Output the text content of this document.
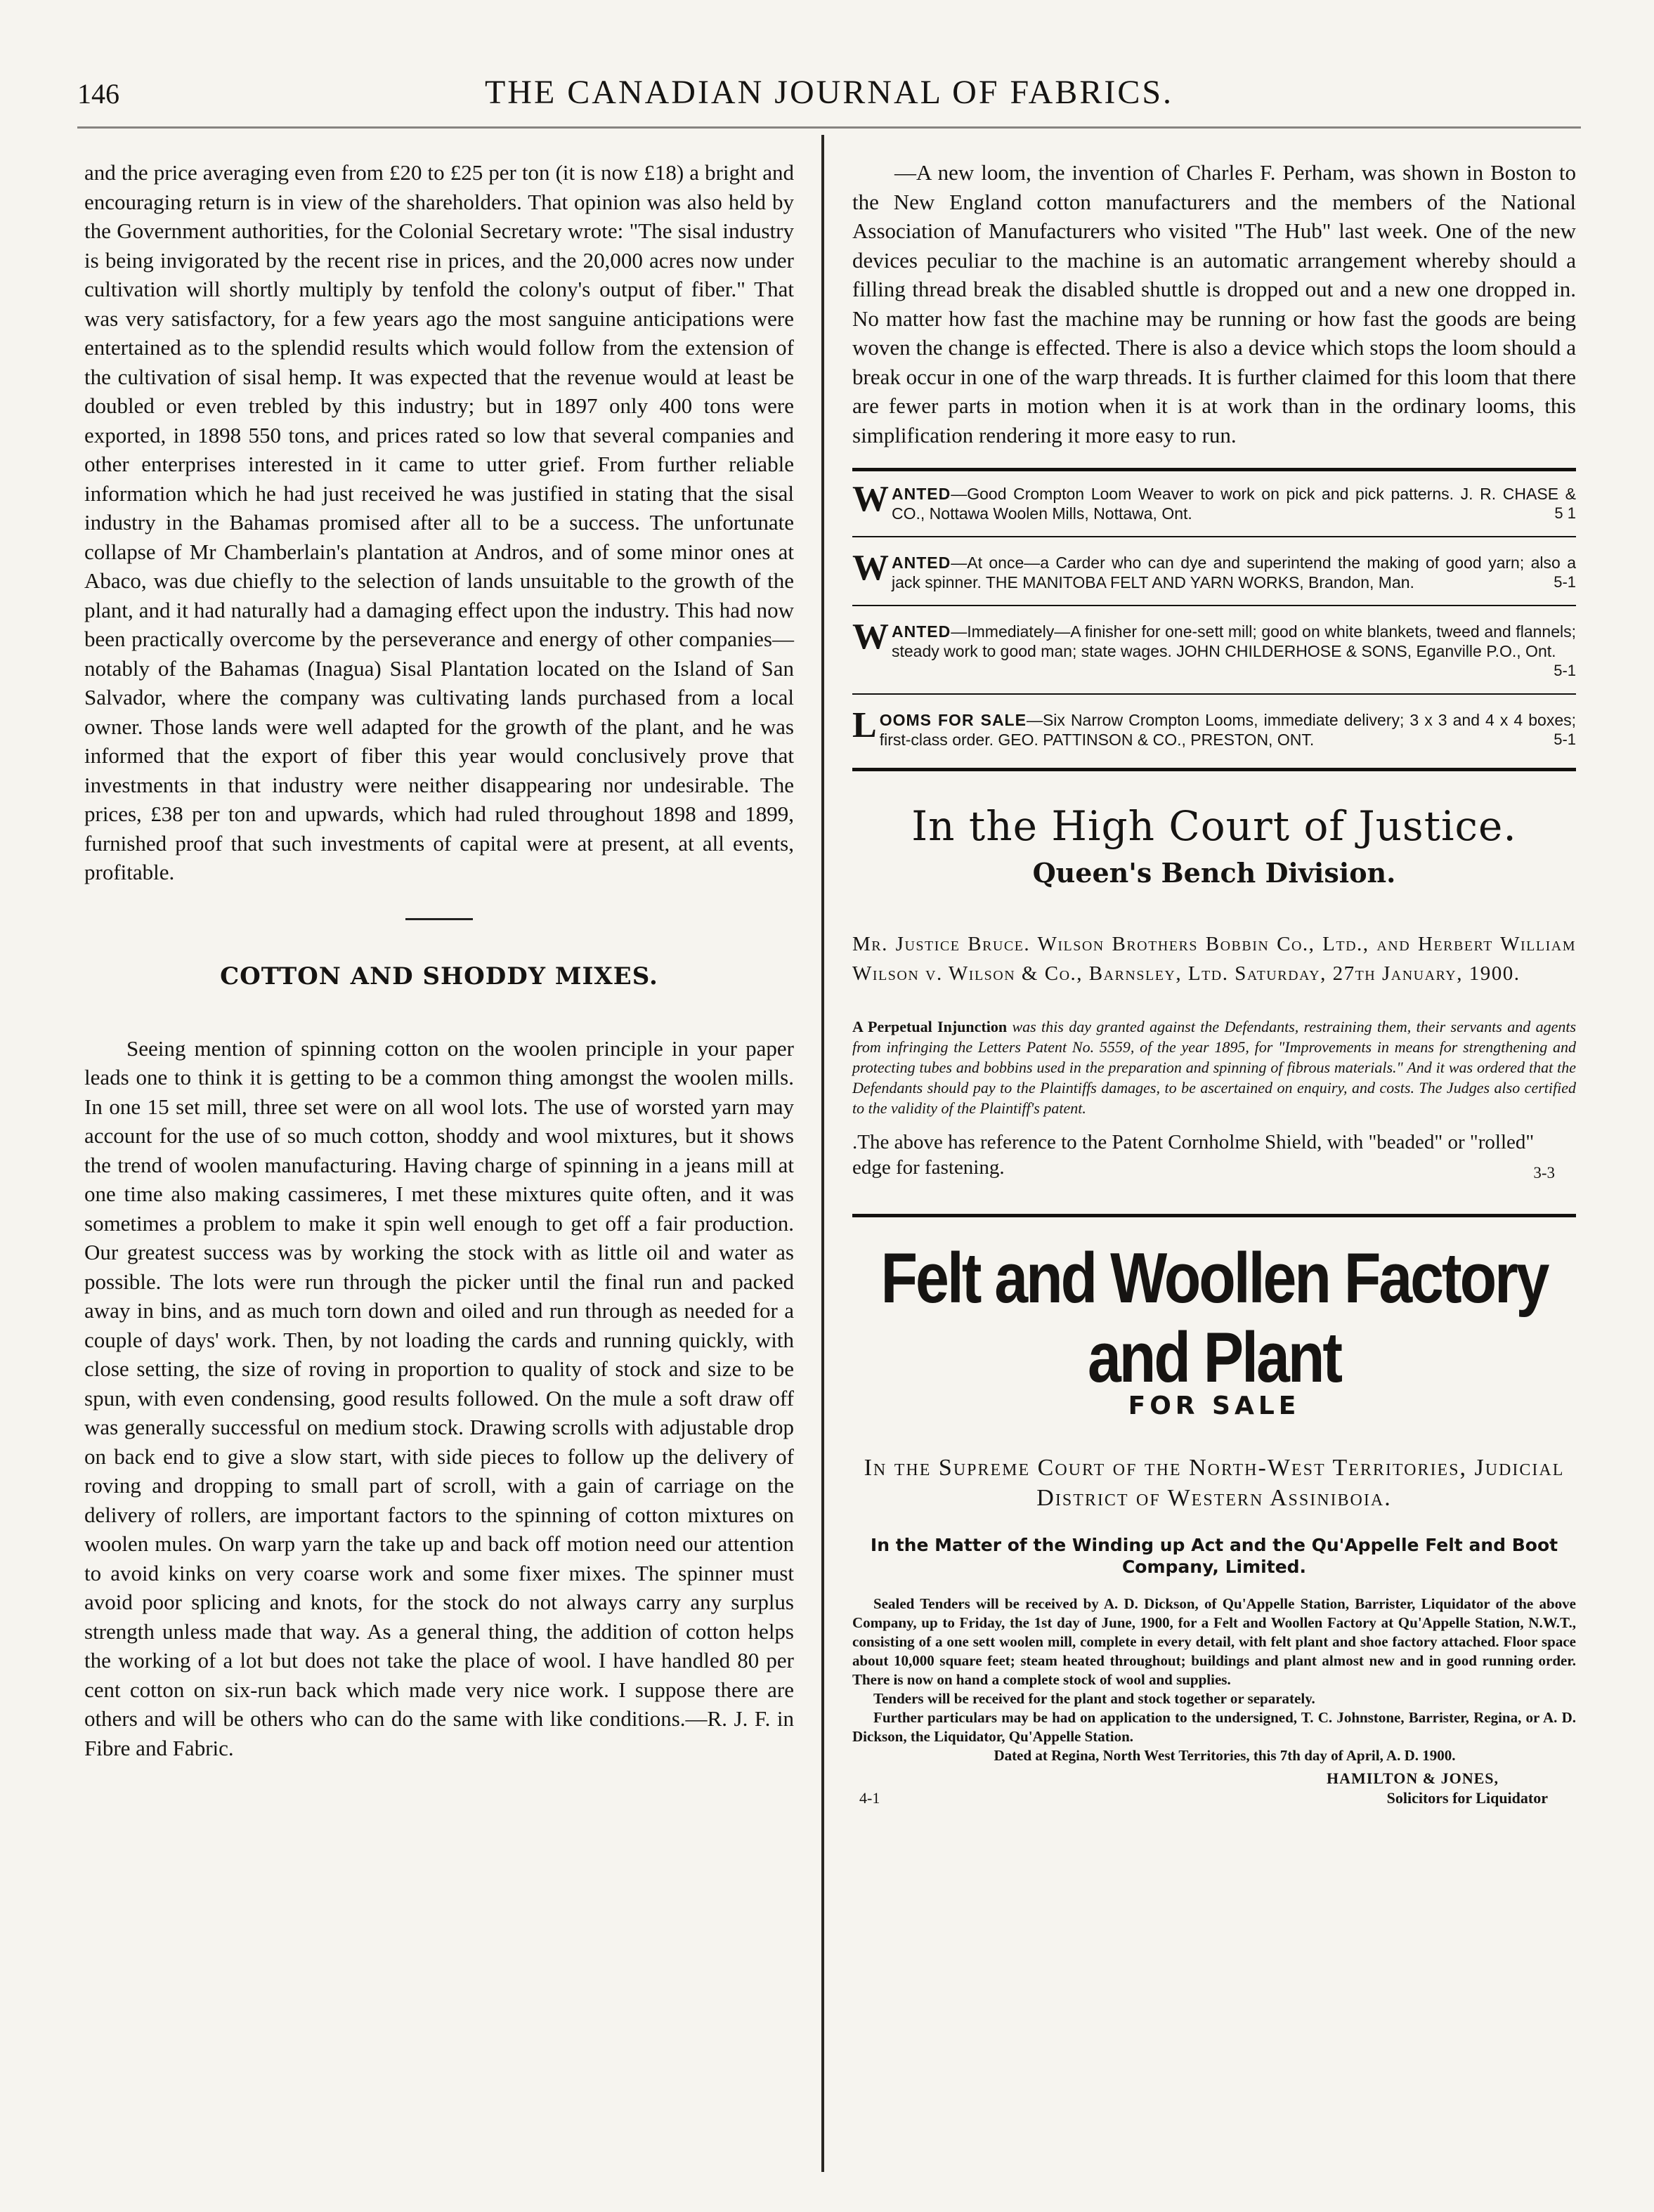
146	THE CANADIAN JOURNAL OF FABRICS.

and the price averaging even from £20 to £25 per ton (it is now £18) a bright and encouraging return is in view of the shareholders. That opinion was also held by the Government authorities, for the Colonial Secretary wrote: "The sisal industry is being invigorated by the recent rise in prices, and the 20,000 acres now under cultivation will shortly multiply by tenfold the colony's output of fiber." That was very satisfactory, for a few years ago the most sanguine anticipations were entertained as to the splendid results which would follow from the extension of the cultivation of sisal hemp. It was expected that the revenue would at least be doubled or even trebled by this industry; but in 1897 only 400 tons were exported, in 1898 550 tons, and prices rated so low that several companies and other enterprises interested in it came to utter grief. From further reliable information which he had just received he was justified in stating that the sisal industry in the Bahamas promised after all to be a success. The unfortunate collapse of Mr Chamberlain's plantation at Andros, and of some minor ones at Abaco, was due chiefly to the selection of lands unsuitable to the growth of the plant, and it had naturally had a damaging effect upon the industry. This had now been practically overcome by the perseverance and energy of other companies—notably of the Bahamas (Inagua) Sisal Plantation located on the Island of San Salvador, where the company was cultivating lands purchased from a local owner. Those lands were well adapted for the growth of the plant, and he was informed that the export of fiber this year would conclusively prove that investments in that industry were neither disappearing nor undesirable. The prices, £38 per ton and upwards, which had ruled throughout 1898 and 1899, furnished proof that such investments of capital were at present, at all events, profitable.

COTTON AND SHODDY MIXES.

Seeing mention of spinning cotton on the woolen principle in your paper leads one to think it is getting to be a common thing amongst the woolen mills. In one 15 set mill, three set were on all wool lots. The use of worsted yarn may account for the use of so much cotton, shoddy and wool mixtures, but it shows the trend of woolen manufacturing. Having charge of spinning in a jeans mill at one time also making cassimeres, I met these mixtures quite often, and it was sometimes a problem to make it spin well enough to get off a fair production. Our greatest success was by working the stock with as little oil and water as possible. The lots were run through the picker until the final run and packed away in bins, and as much torn down and oiled and run through as needed for a couple of days' work. Then, by not loading the cards and running quickly, with close setting, the size of roving in proportion to quality of stock and size to be spun, with even condensing, good results followed. On the mule a soft draw off was generally successful on medium stock. Drawing scrolls with adjustable drop on back end to give a slow start, with side pieces to follow up the delivery of roving and dropping to small part of scroll, with a gain of carriage on the delivery of rollers, are important factors to the spinning of cotton mixtures on woolen mules. On warp yarn the take up and back off motion need our attention to avoid kinks on very coarse work and some fixer mixes. The spinner must avoid poor splicing and knots, for the stock do not always carry any surplus strength unless made that way. As a general thing, the addition of cotton helps the working of a lot but does not take the place of wool. I have handled 80 per cent cotton on six-run back which made very nice work. I suppose there are others and will be others who can do the same with like conditions.—R. J. F. in Fibre and Fabric.

—A new loom, the invention of Charles F. Perham, was shown in Boston to the New England cotton manufacturers and the members of the National Association of Manufacturers who visited "The Hub" last week. One of the new devices peculiar to the machine is an automatic arrangement whereby should a filling thread break the disabled shuttle is dropped out and a new one dropped in. No matter how fast the machine may be running or how fast the goods are being woven the change is effected. There is also a device which stops the loom should a break occur in one of the warp threads. It is further claimed for this loom that there are fewer parts in motion when it is at work than in the ordinary looms, this simplification rendering it more easy to run.

WANTED—Good Crompton Loom Weaver to work on pick and pick patterns. J. R. CHASE & CO., Nottawa Woolen Mills, Nottawa, Ont.	5 1
WANTED—At once—a Carder who can dye and superintend the making of good yarn; also a jack spinner. THE MANITOBA FELT AND YARN WORKS, Brandon, Man.	5-1
WANTED—Immediately—A finisher for one-sett mill; good on white blankets, tweed and flannels; steady work to good man; state wages. JOHN CHILDERHOSE & SONS, Eganville P.O., Ont.
5-1
LOOMS FOR SALE—Six Narrow Crompton Looms, immediate delivery; 3 x 3 and 4 x 4 boxes; first-class order. GEO. PATTINSON & CO., PRESTON, ONT.	5-1
In the High Court of Justice.
Queen's Bench Division.

Mr. Justice Bruce. Wilson Brothers Bobbin Co., Ltd., and Herbert William Wilson v. Wilson & Co., Barnsley, Ltd. Saturday, 27th January, 1900.

A Perpetual Injunction was this day granted against the Defendants, restraining them, their servants and agents from infringing the Letters Patent No. 5559, of the year 1895, for "Improvements in means for strengthening and protecting tubes and bobbins used in the preparation and spinning of fibrous materials." And it was ordered that the Defendants should pay to the Plaintiffs damages, to be ascertained on enquiry, and costs. The Judges also certified to the validity of the Plaintiff's patent.

.The above has reference to the Patent Cornholme Shield, with "beaded" or "rolled" edge for fastening.	3-3

Felt and Woollen Factory and Plant
FOR SALE

In the Supreme Court of the North-West Territories, Judicial District of Western Assiniboia.

In the Matter of the Winding up Act and the Qu'Appelle Felt and Boot Company, Limited.

Sealed Tenders will be received by A. D. Dickson, of Qu'Appelle Station, Barrister, Liquidator of the above Company, up to Friday, the 1st day of June, 1900, for a Felt and Woollen Factory at Qu'Appelle Station, N.W.T., consisting of a one sett woolen mill, complete in every detail, with felt plant and shoe factory attached. Floor space about 10,000 square feet; steam heated throughout; buildings and plant almost new and in good running order. There is now on hand a complete stock of wool and supplies.

Tenders will be received for the plant and stock together or separately.

Further particulars may be had on application to the undersigned, T. C. Johnstone, Barrister, Regina, or A. D. Dickson, the Liquidator, Qu'Appelle Station.

Dated at Regina, North West Territories, this 7th day of April, A. D. 1900.

4-1
HAMILTON & JONES,
Solicitors for Liquidator
